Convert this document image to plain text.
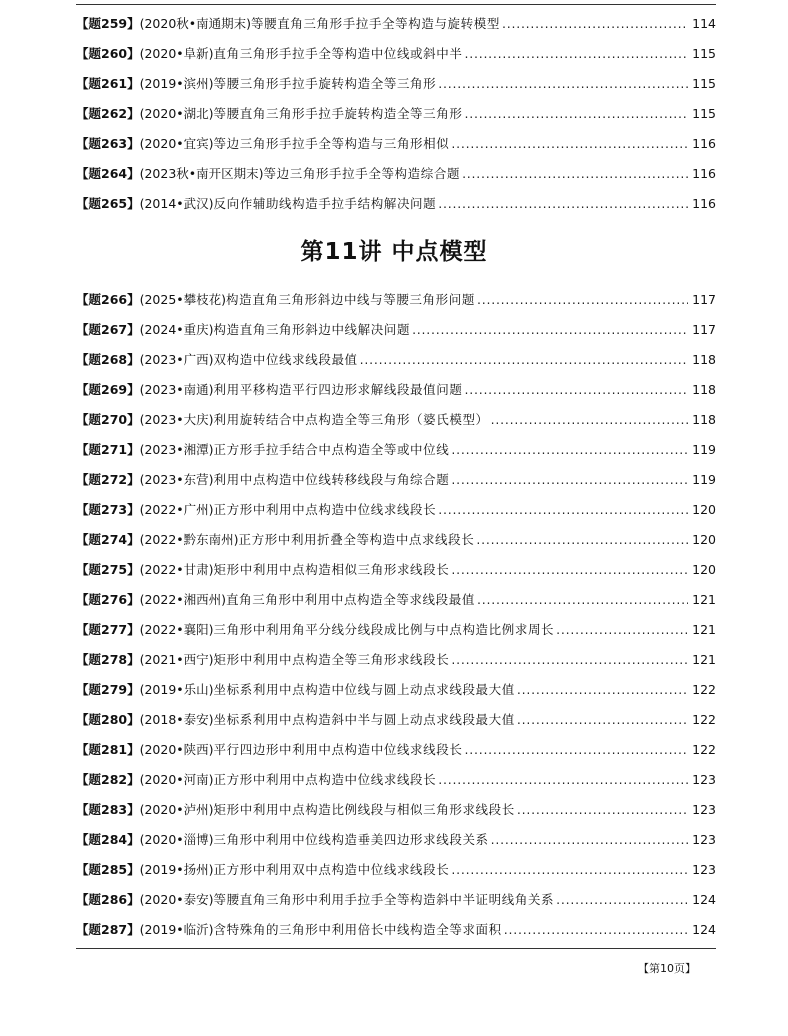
【题259】 (2020秋•南通期末) 等腰直角三角形手拉手全等构造与旋转模型 . . .	114
【题260】 (2020•阜新) 直角三角形手拉手全等构造中位线或斜中半 . . .	115
【题261】 (2019•滨州) 等腰三角形手拉手旋转构造全等三角形 . . .	115
【题262】 (2020•湖北) 等腰直角三角形手拉手旋转构造全等三角形 . . .	115
【题263】 (2020•宜宾) 等边三角形手拉手全等构造与三角形相似 . . .	116
【题264】 (2023秋•南开区期末) 等边三角形手拉手全等构造综合题 . . .	116
【题265】 (2014•武汉) 反向作辅助线构造手拉手结构解决问题 . . .	116
第11讲 中点模型
【题266】 (2025•攀枝花) 构造直角三角形斜边中线与等腰三角形问题 . . .	117
【题267】 (2024•重庆) 构造直角三角形斜边中线解决问题 . . .	117
【题268】 (2023•广西) 双构造中位线求线段最值 . . .	118
【题269】 (2023•南通) 利用平移构造平行四边形求解线段最值问题 . . .	118
【题270】 (2023•大庆) 利用旋转结合中点构造全等三角形（婆氏模型） . . .	118
【题271】 (2023•湘潭) 正方形手拉手结合中点构造全等或中位线 . . .	119
【题272】 (2023•东营) 利用中点构造中位线转移线段与角综合题 . . .	119
【题273】 (2022•广州) 正方形中利用中点构造中位线求线段长 . . .	120
【题274】 (2022•黔东南州) 正方形中利用折叠全等构造中点求线段长 . . .	120
【题275】 (2022•甘肃) 矩形中利用中点构造相似三角形求线段长 . . .	120
【题276】 (2022•湘西州) 直角三角形中利用中点构造全等求线段最值 . . .	121
【题277】 (2022•襄阳) 三角形中利用角平分线分线段成比例与中点构造比例求周长 . . .	121
【题278】 (2021•西宁) 矩形中利用中点构造全等三角形求线段长 . . .	121
【题279】 (2019•乐山) 坐标系利用中点构造中位线与圆上动点求线段最大值 . . .	122
【题280】 (2018•泰安) 坐标系利用中点构造斜中半与圆上动点求线段最大值 . . .	122
【题281】 (2020•陕西) 平行四边形中利用中点构造中位线求线段长 . . .	122
【题282】 (2020•河南) 正方形中利用中点构造中位线求线段长 . . .	123
【题283】 (2020•泸州) 矩形中利用中点构造比例线段与相似三角形求线段长 . . .	123
【题284】 (2020•淄博) 三角形中利用中位线构造垂美四边形求线段关系 . . .	123
【题285】 (2019•扬州) 正方形中利用双中点构造中位线求线段长 . . .	123
【题286】 (2020•泰安) 等腰直角三角形中利用手拉手全等构造斜中半证明线角关系 . . .	124
【题287】 (2019•临沂) 含特殊角的三角形中利用倍长中线构造全等求面积 . . .	124
【第10页】
